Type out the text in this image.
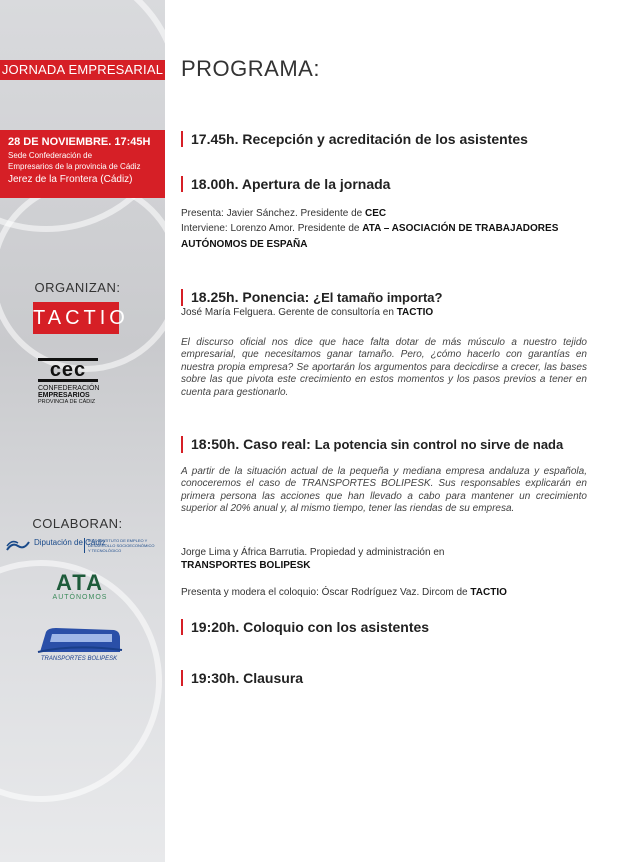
JORNADA EMPRESARIAL
28 DE NOVIEMBRE. 17:45H
Sede Confederación de
Empresarios de la provincia de Cádiz
Jerez de la Frontera (Cádiz)
ORGANIZAN:
TACTIO
cec
CONFEDERACIÓN
EMPRESARIOS
PROVINCIA DE CÁDIZ
COLABORAN:
Diputación de Cádiz
IEDT INSTITUTO DE EMPLEO Y DESARROLLO SOCIOECONÓMICO Y TECNOLÓGICO
ATA
AUTÓNOMOS
TRANSPORTES BOLIPESK
PROGRAMA:
17.45h. Recepción y acreditación de los asistentes
18.00h. Apertura de la jornada
Presenta: Javier Sánchez. Presidente de CEC
Interviene: Lorenzo Amor. Presidente de ATA – ASOCIACIÓN DE TRABAJADORES
AUTÓNOMOS DE ESPAÑA
18.25h. Ponencia: ¿El tamaño importa?
José María Felguera. Gerente de consultoría en TACTIO
El discurso oficial nos dice que hace falta dotar de más músculo a nuestro tejido empresarial, que necesitamos ganar tamaño. Pero, ¿cómo hacerlo con garantías en nuestra propia empresa? Se aportarán los argumentos para decicdirse a crecer, las bases sobre las que pivota este crecimiento en estos momentos y los pasos previos a tener en cuenta para gestionarlo.
18:50h. Caso real: La potencia sin control no sirve de nada
A partir de la situación actual de la pequeña y mediana empresa andaluza y española, conoceremos el caso de TRANSPORTES BOLIPESK. Sus responsables explicarán en primera persona las acciones que han llevado a cabo para mantener un crecimiento superior al 20% anual y, al mismo tiempo, tener las riendas de su empresa.
Jorge Lima y África Barrutia. Propiedad y administración en
TRANSPORTES BOLIPESK
Presenta y modera el coloquio: Óscar Rodríguez Vaz. Dircom de TACTIO
19:20h. Coloquio con los asistentes
19:30h. Clausura
